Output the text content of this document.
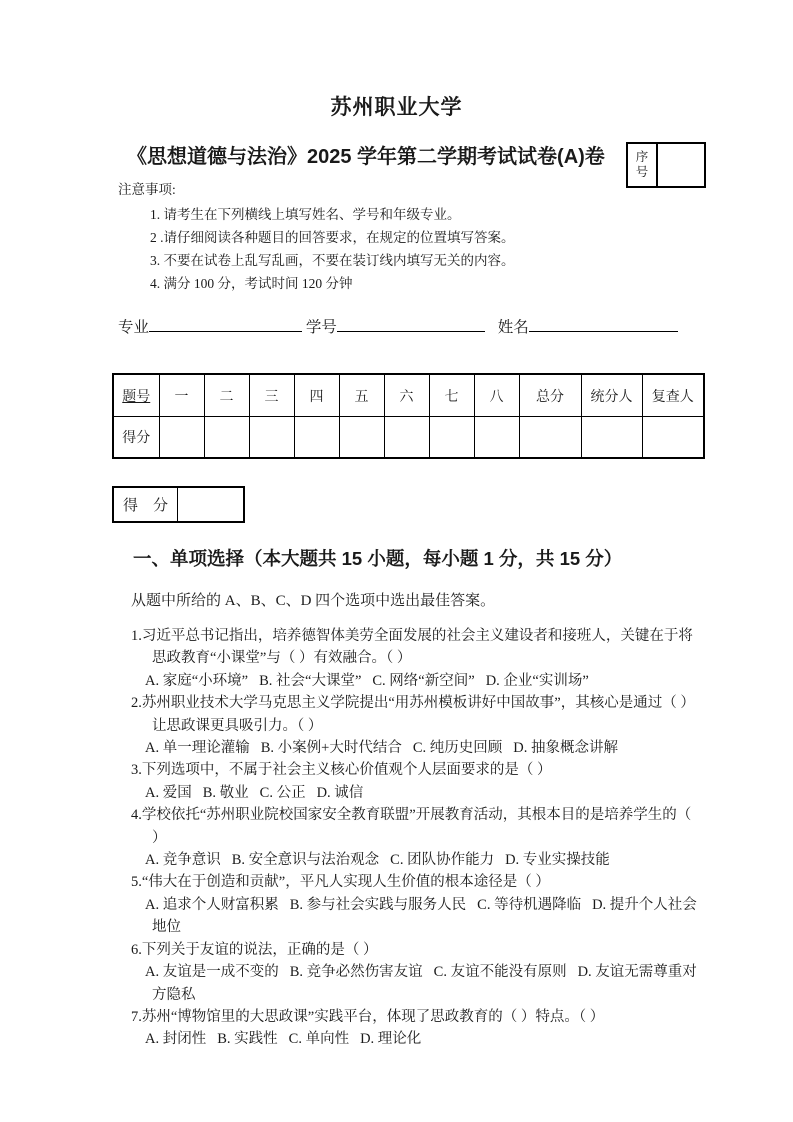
苏州职业大学
《思想道德与法治》2025 学年第二学期考试试卷(A)卷	序
号
注意事项:
1. 请考生在下列横线上填写姓名、学号和年级专业。
2 .请仔细阅读各种题目的回答要求，在规定的位置填写答案。
3. 不要在试卷上乱写乱画，不要在装订线内填写无关的内容。
4. 满分 100 分，考试时间 120 分钟
专业	学号	姓名
题号	一	二	三	四	五	六	七	八	总分	统分人	复查人
得分											
得　分
一、单项选择（本大题共 15 小题，每小题 1 分，共 15 分）
从题中所给的 A、B、C、D 四个选项中选出最佳答案。

1.习近平总书记指出，培养德智体美劳全面发展的社会主义建设者和接班人，关键在于将思政教育“小课堂”与（ ）有效融合。（ ）

A. 家庭“小环境” B. 社会“大课堂” C. 网络“新空间” D. 企业“实训场”

2.苏州职业技术大学马克思主义学院提出“用苏州模板讲好中国故事”，其核心是通过（ ）让思政课更具吸引力。（ ）

A. 单一理论灌输 B. 小案例+大时代结合 C. 纯历史回顾 D. 抽象概念讲解

3.下列选项中，不属于社会主义核心价值观个人层面要求的是（ ）

A. 爱国 B. 敬业 C. 公正 D. 诚信

4.学校依托“苏州职业院校国家安全教育联盟”开展教育活动，其根本目的是培养学生的（ ）

A. 竞争意识 B. 安全意识与法治观念 C. 团队协作能力 D. 专业实操技能

5.“伟大在于创造和贡献”，平凡人实现人生价值的根本途径是（ ）

A. 追求个人财富积累 B. 参与社会实践与服务人民 C. 等待机遇降临 D. 提升个人社会地位

6.下列关于友谊的说法，正确的是（ ）

A. 友谊是一成不变的 B. 竞争必然伤害友谊 C. 友谊不能没有原则 D. 友谊无需尊重对方隐私

7.苏州“博物馆里的大思政课”实践平台，体现了思政教育的（ ）特点。（ ）

A. 封闭性 B. 实践性 C. 单向性 D. 理论化
